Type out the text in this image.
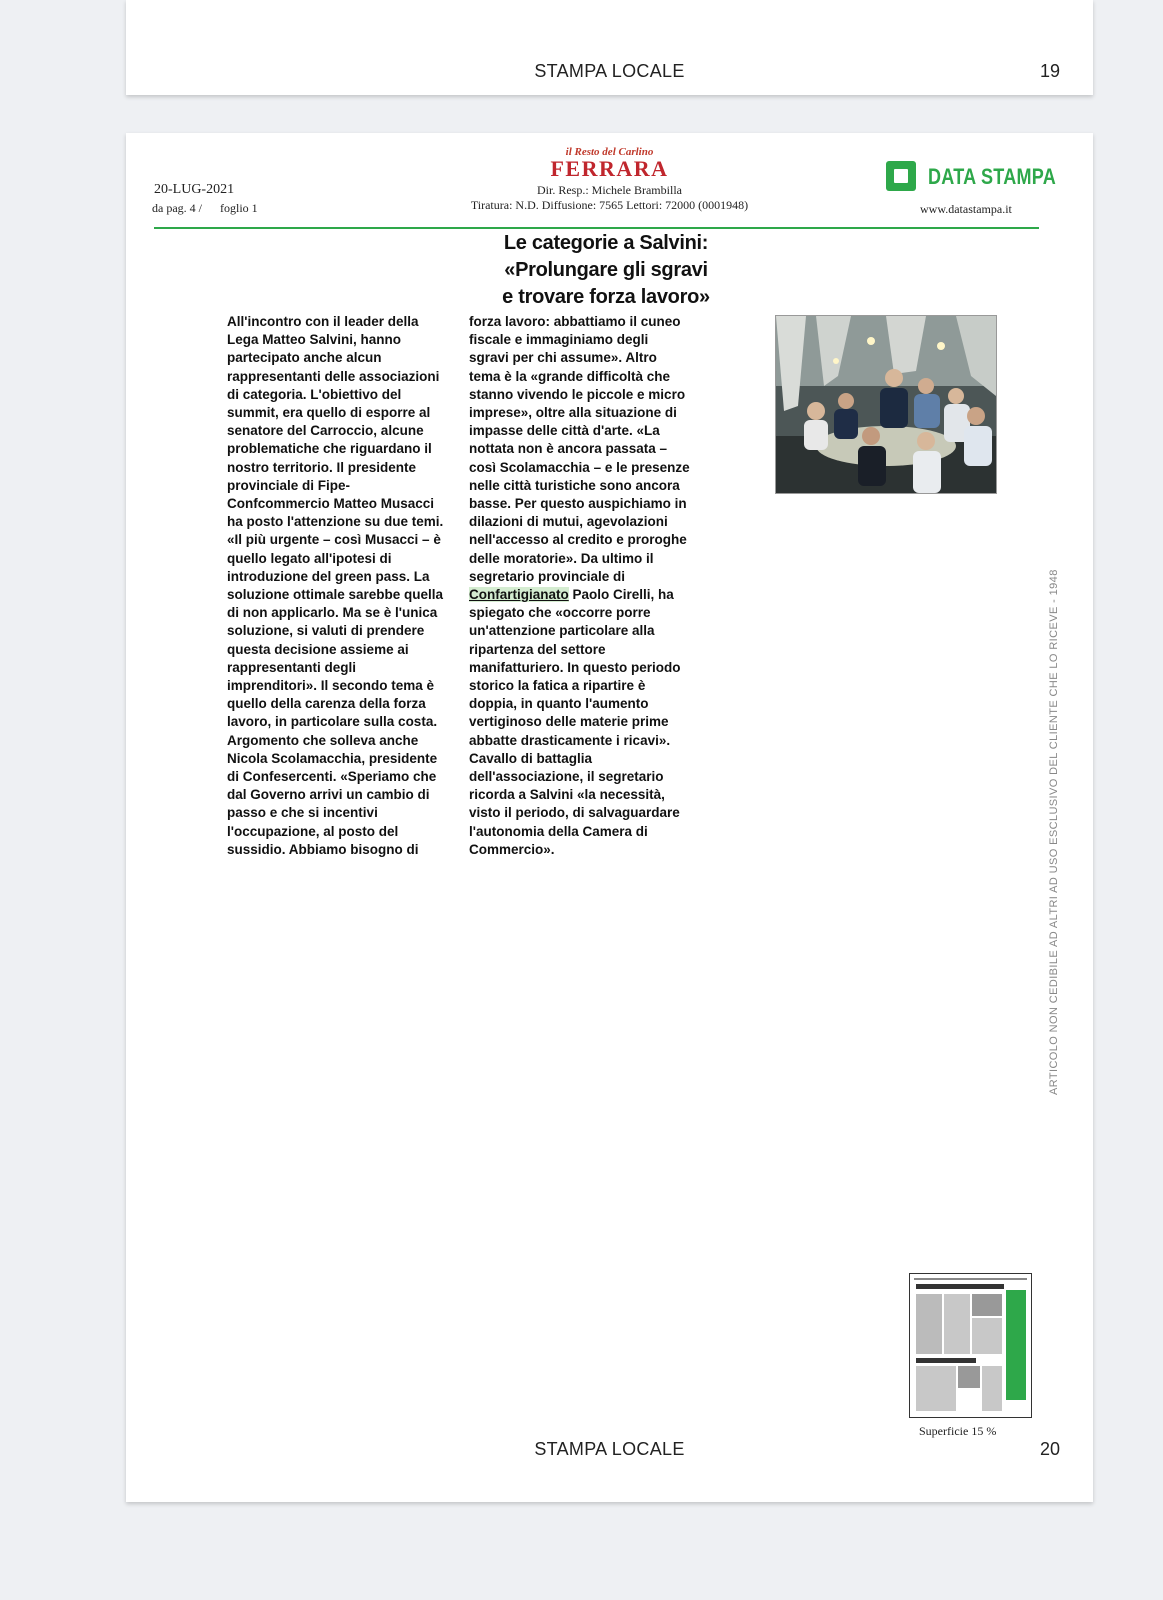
STAMPA LOCALE	19
20-LUG-2021
da pag. 4 / foglio 1
il Resto del Carlino
FERRARA
Dir. Resp.: Michele Brambilla
Tiratura: N.D. Diffusione: 7565 Lettori: 72000 (0001948)
DATA STAMPA
www.datastampa.it
Le categorie a Salvini:
«Prolungare gli sgravi
e trovare forza lavoro»
All'incontro con il leader della Lega Matteo Salvini, hanno partecipato anche alcun rappresentanti delle associazioni di categoria. L'obiettivo del summit, era quello di esporre al senatore del Carroccio, alcune problematiche che riguardano il nostro territorio. Il presidente provinciale di Fipe-Confcommercio Matteo Musacci ha posto l'attenzione su due temi. «Il più urgente – così Musacci – è quello legato all'ipotesi di introduzione del green pass. La soluzione ottimale sarebbe quella di non applicarlo. Ma se è l'unica soluzione, si valuti di prendere questa decisione assieme ai rappresentanti degli imprenditori». Il secondo tema è quello della carenza della forza lavoro, in particolare sulla costa. Argomento che solleva anche Nicola Scolamacchia, presidente di Confesercenti. «Speriamo che dal Governo arrivi un cambio di passo e che si incentivi l'occupazione, al posto del sussidio. Abbiamo bisogno di
forza lavoro: abbattiamo il cuneo fiscale e immaginiamo degli sgravi per chi assume». Altro tema è la «grande difficoltà che stanno vivendo le piccole e micro imprese», oltre alla situazione di impasse delle città d'arte. «La nottata non è ancora passata – così Scolamacchia – e le presenze nelle città turistiche sono ancora basse. Per questo auspichiamo in dilazioni di mutui, agevolazioni nell'accesso al credito e proroghe delle moratorie». Da ultimo il segretario provinciale di Confartigianato Paolo Cirelli, ha spiegato che «occorre porre un'attenzione particolare alla ripartenza del settore manifatturiero. In questo periodo storico la fatica a ripartire è doppia, in quanto l'aumento vertiginoso delle materie prime abbatte drasticamente i ricavi». Cavallo di battaglia dell'associazione, il segretario ricorda a Salvini «la necessità, visto il periodo, di salvaguardare l'autonomia della Camera di Commercio».	ARTICOLO NON CEDIBILE AD ALTRI AD USO ESCLUSIVO DEL CLIENTE CHE LO RICEVE - 1948
Superficie 15 %
STAMPA LOCALE	20
